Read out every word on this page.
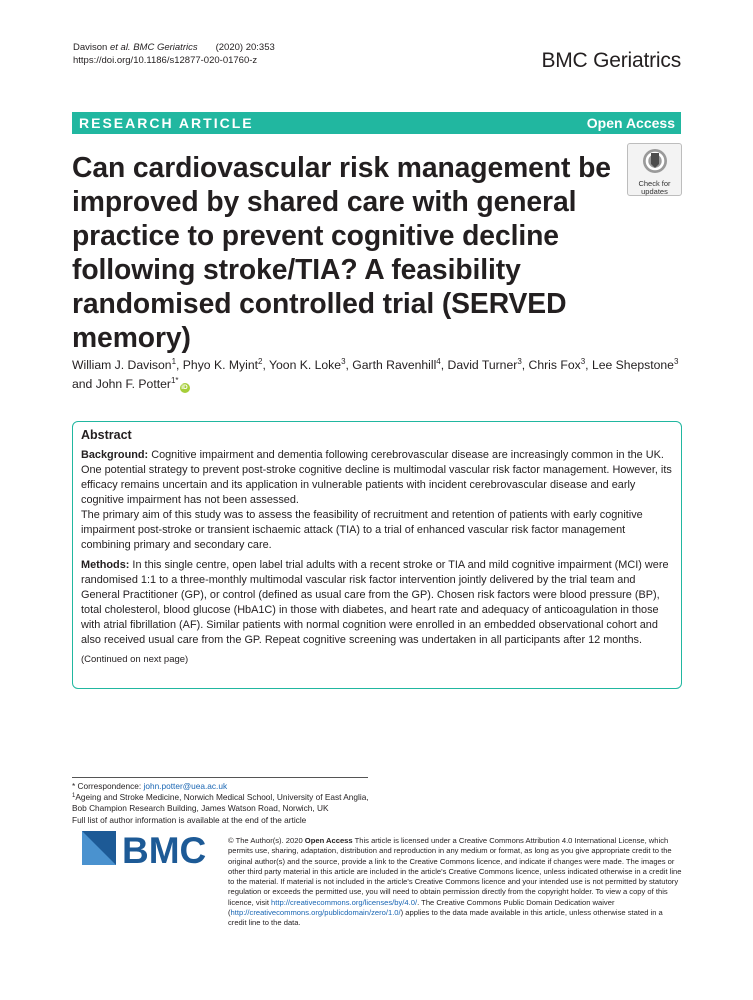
Davison et al. BMC Geriatrics (2020) 20:353
https://doi.org/10.1186/s12877-020-01760-z	BMC Geriatrics
RESEARCH ARTICLE	Open Access
Can cardiovascular risk management be improved by shared care with general practice to prevent cognitive decline following stroke/TIA? A feasibility randomised controlled trial (SERVED memory)
Check for
updates
William J. Davison$^1$, Phyo K. Myint$^2$, Yoon K. Loke$^3$, Garth Ravenhill$^4$, David Turner$^3$, Chris Fox$^3$, Lee Shepstone$^3$
and John F. Potter$^{1*}$iD
Abstract

Background: Cognitive impairment and dementia following cerebrovascular disease are increasingly common in the UK. One potential strategy to prevent post-stroke cognitive decline is multimodal vascular risk factor management. However, its efficacy remains uncertain and its application in vulnerable patients with incident cerebrovascular disease and early cognitive impairment has not been assessed.

The primary aim of this study was to assess the feasibility of recruitment and retention of patients with early cognitive impairment post-stroke or transient ischaemic attack (TIA) to a trial of enhanced vascular risk factor management combining primary and secondary care.

Methods: In this single centre, open label trial adults with a recent stroke or TIA and mild cognitive impairment (MCI) were randomised 1:1 to a three-monthly multimodal vascular risk factor intervention jointly delivered by the trial team and General Practitioner (GP), or control (defined as usual care from the GP). Chosen risk factors were blood pressure (BP), total cholesterol, blood glucose (HbA1C) in those with diabetes, and heart rate and adequacy of anticoagulation in those with atrial fibrillation (AF). Similar patients with normal cognition were enrolled in an embedded observational cohort and also received usual care from the GP. Repeat cognitive screening was undertaken in all participants after 12 months.

(Continued on next page)
* Correspondence: john.potter@uea.ac.uk
$^1$Ageing and Stroke Medicine, Norwich Medical School, University of East Anglia, Bob Champion Research Building, James Watson Road, Norwich, UK
Full list of author information is available at the end of the article
BMC	© The Author(s). 2020 Open Access This article is licensed under a Creative Commons Attribution 4.0 International License, which permits use, sharing, adaptation, distribution and reproduction in any medium or format, as long as you give appropriate credit to the original author(s) and the source, provide a link to the Creative Commons licence, and indicate if changes were made. The images or other third party material in this article are included in the article's Creative Commons licence, unless indicated otherwise in a credit line to the material. If material is not included in the article's Creative Commons licence and your intended use is not permitted by statutory regulation or exceeds the permitted use, you will need to obtain permission directly from the copyright holder. To view a copy of this licence, visit http://creativecommons.org/licenses/by/4.0/. The Creative Commons Public Domain Dedication waiver (http://creativecommons.org/publicdomain/zero/1.0/) applies to the data made available in this article, unless otherwise stated in a credit line to the data.
